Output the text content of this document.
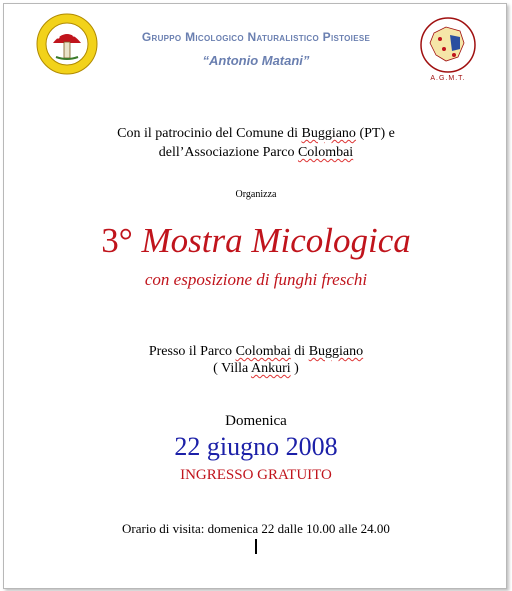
A.G.M.T.
Gruppo Micologico Naturalistico Pistoiese
“Antonio Matani”
Con il patrocinio del Comune di Buggiano (PT) e
dell’Associazione Parco Colombai
Organizza
3° Mostra Micologica
con esposizione di funghi freschi
Presso il Parco Colombai di Buggiano
( Villa Ankuri )
Domenica
22 giugno 2008
INGRESSO GRATUITO
Orario di visita: domenica 22 dalle 10.00 alle 24.00
